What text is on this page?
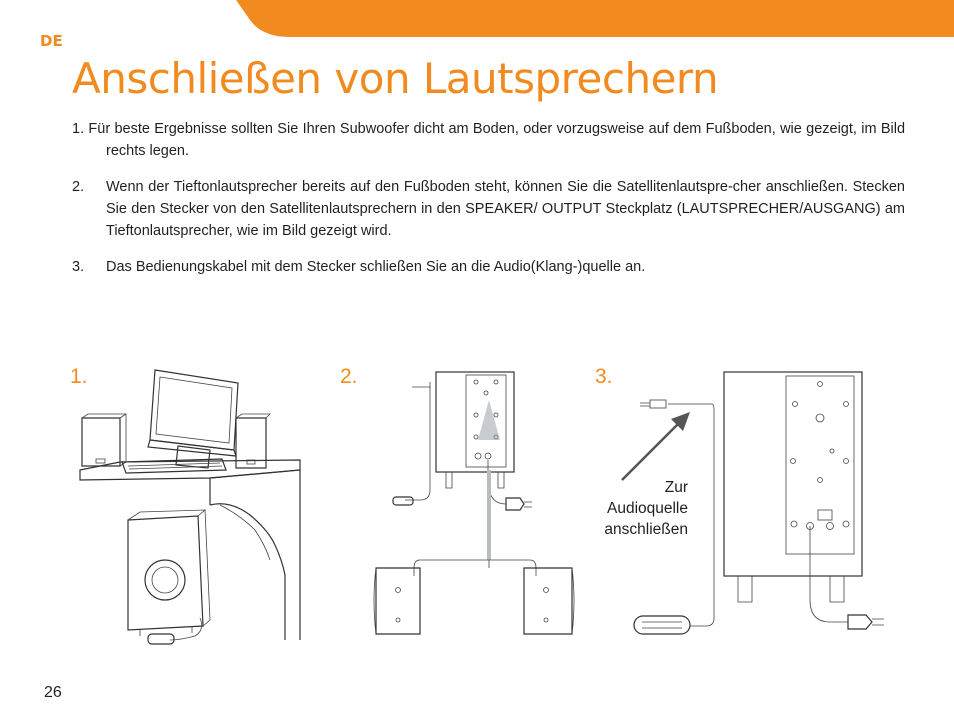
DE
Anschließen von Lautsprechern

1. Für beste Ergebnisse sollten Sie Ihren Subwoofer dicht am Boden, oder vorzugsweise auf dem Fußboden, wie gezeigt, im Bild rechts legen.

2. Wenn der Tieftonlautsprecher bereits auf den Fußboden steht, können Sie die Satellitenlautspre-cher anschließen. Stecken Sie den Stecker von den Satellitenlautsprechern in den SPEAKER/ OUTPUT Steckplatz (LAUTSPRECHER/AUSGANG) am Tieftonlautsprecher, wie im Bild gezeigt wird.

3. Das Bedienungskabel mit dem Stecker schließen Sie an die Audio(Klang-)quelle an.

1.	2.	3.
Zur
Audioquelle
anschließen
26
